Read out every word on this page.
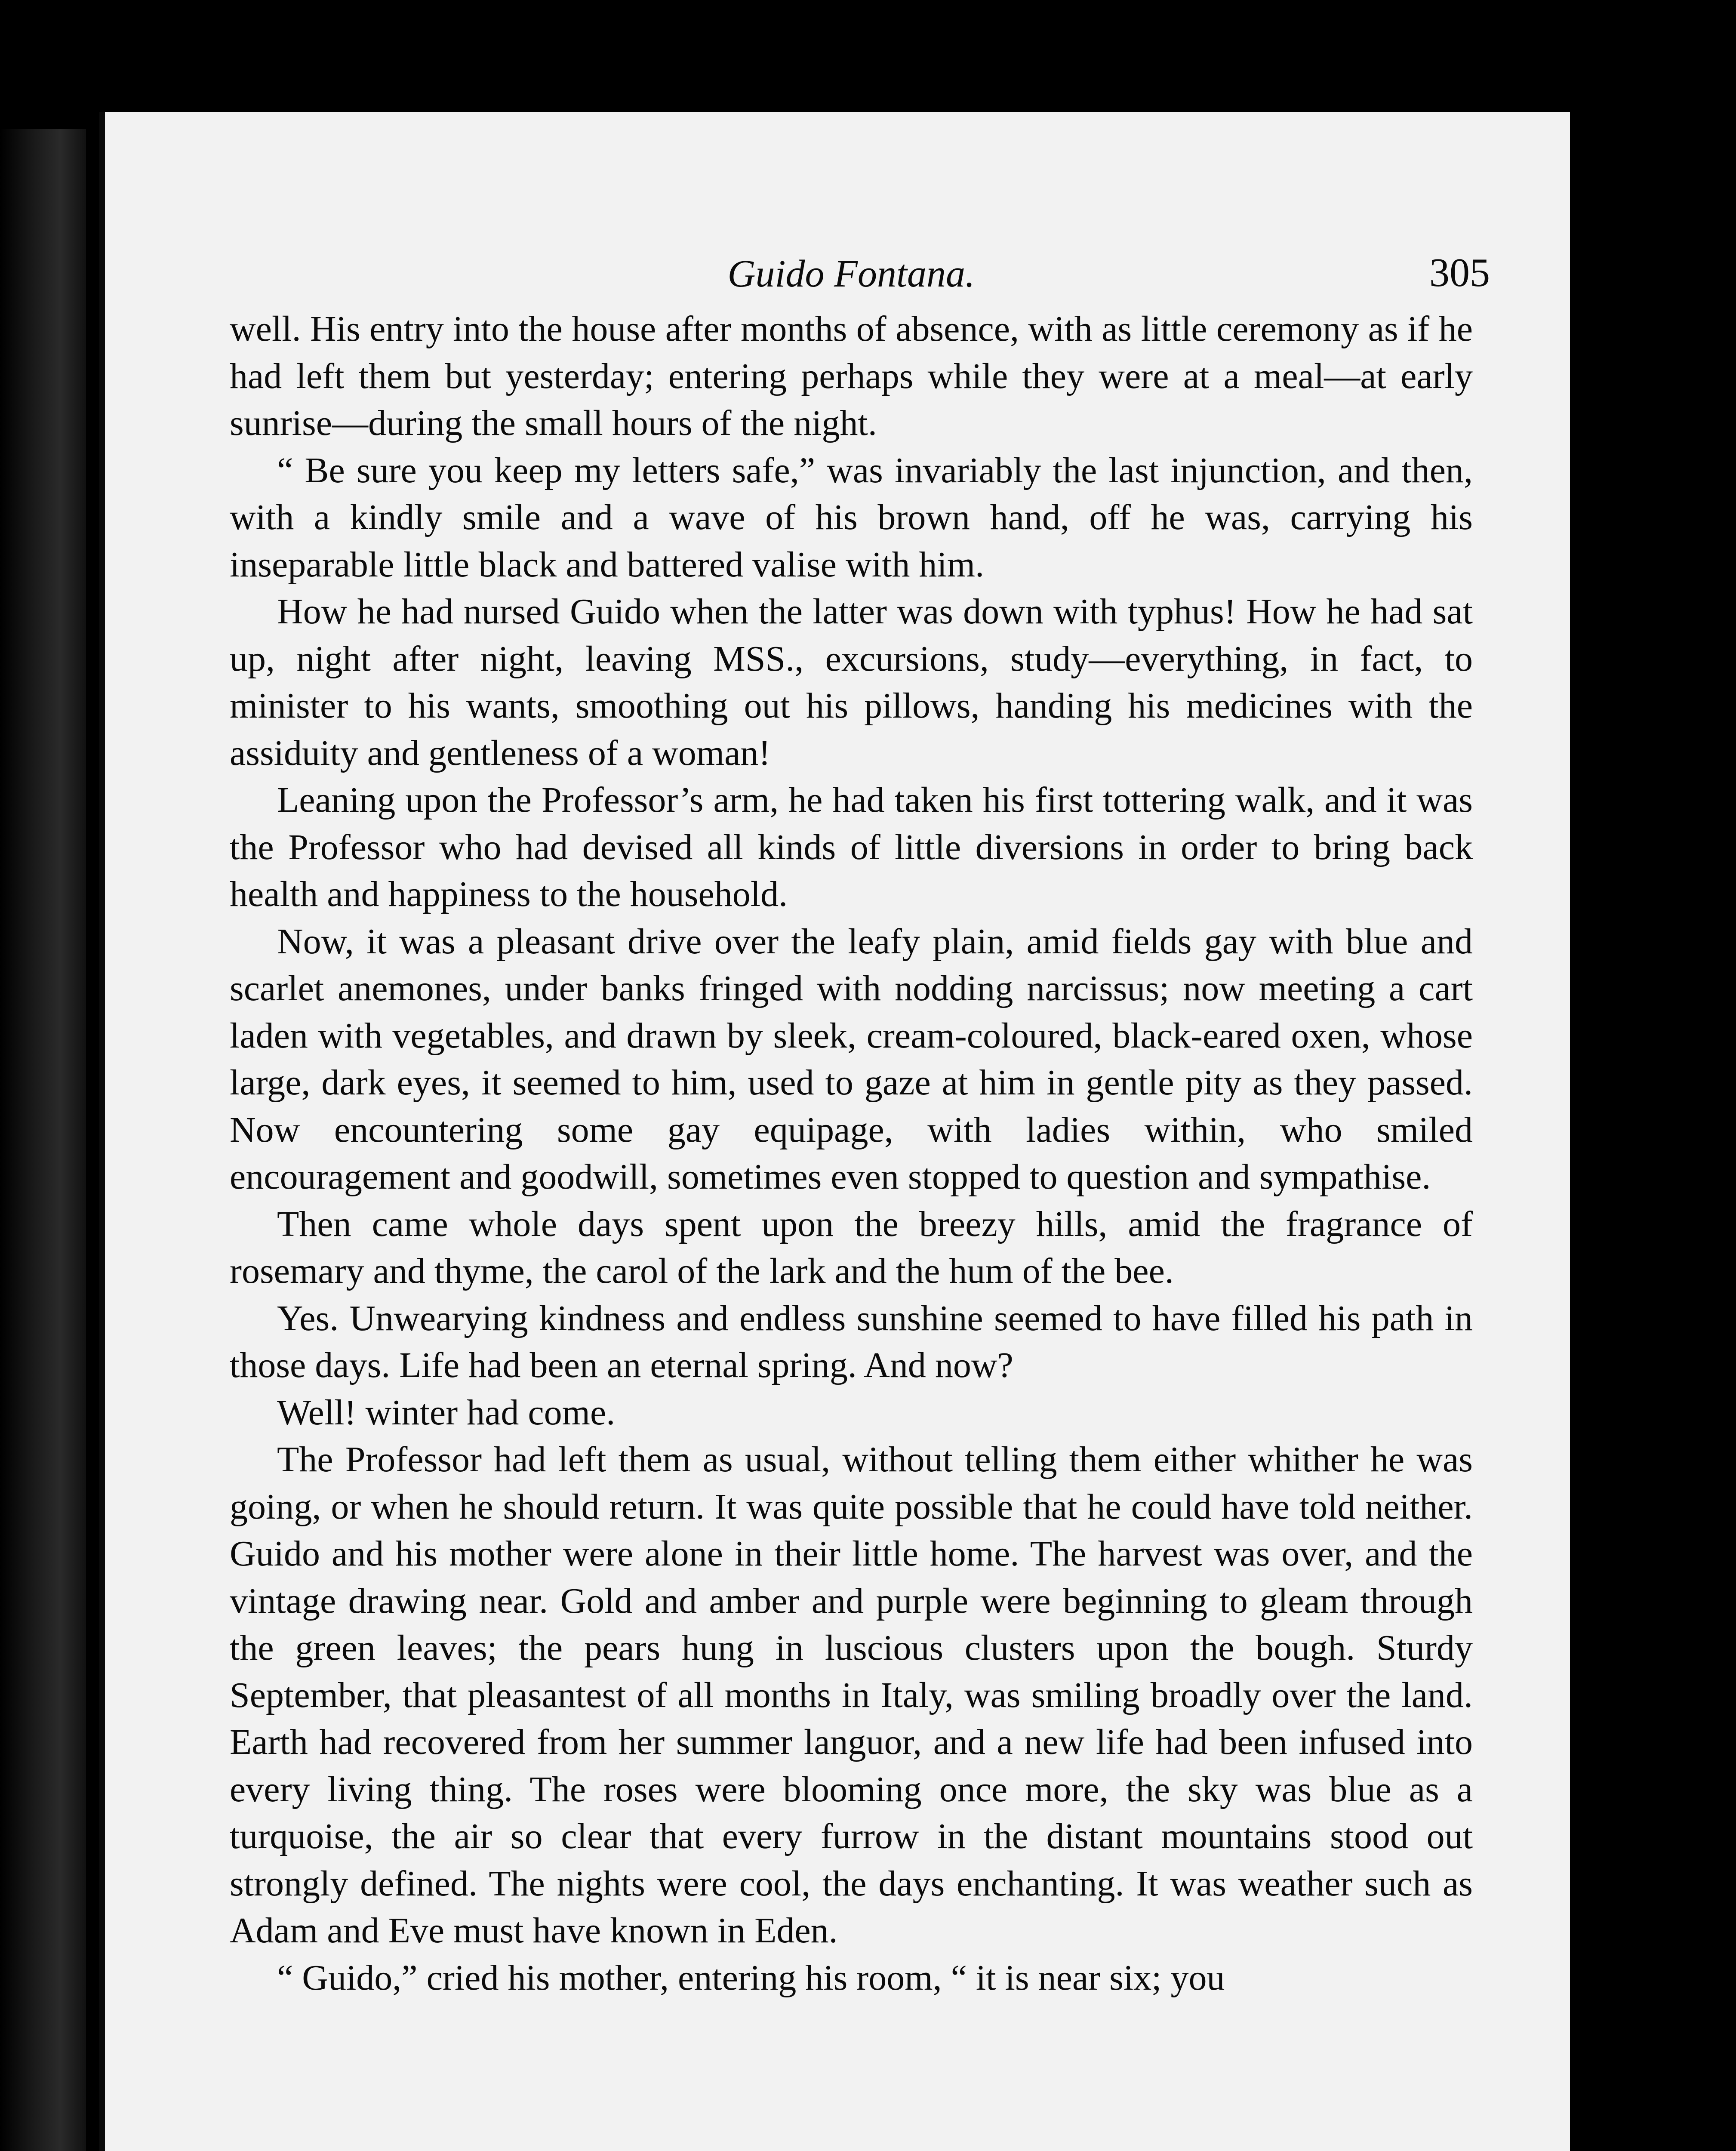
Guido Fontana.	305

well. His entry into the house after months of absence, with as little ceremony as if he had left them but yesterday; entering perhaps while they were at a meal—at early sunrise—during the small hours of the night.

“ Be sure you keep my letters safe,” was invariably the last injunction, and then, with a kindly smile and a wave of his brown hand, off he was, carrying his inseparable little black and battered valise with him.

How he had nursed Guido when the latter was down with typhus! How he had sat up, night after night, leaving MSS., excursions, study—everything, in fact, to minister to his wants, smoothing out his pillows, handing his medicines with the assiduity and gentleness of a woman!

Leaning upon the Professor’s arm, he had taken his first tottering walk, and it was the Professor who had devised all kinds of little diversions in order to bring back health and happiness to the household.

Now, it was a pleasant drive over the leafy plain, amid fields gay with blue and scarlet anemones, under banks fringed with nodding narcissus; now meeting a cart laden with vegetables, and drawn by sleek, cream-coloured, black-eared oxen, whose large, dark eyes, it seemed to him, used to gaze at him in gentle pity as they passed. Now encountering some gay equipage, with ladies within, who smiled encouragement and goodwill, sometimes even stopped to question and sympathise.

Then came whole days spent upon the breezy hills, amid the fragrance of rosemary and thyme, the carol of the lark and the hum of the bee.

Yes. Unwearying kindness and endless sunshine seemed to have filled his path in those days. Life had been an eternal spring. And now?

Well! winter had come.

The Professor had left them as usual, without telling them either whither he was going, or when he should return. It was quite possible that he could have told neither. Guido and his mother were alone in their little home. The harvest was over, and the vintage drawing near. Gold and amber and purple were beginning to gleam through the green leaves; the pears hung in luscious clusters upon the bough. Sturdy September, that pleasantest of all months in Italy, was smiling broadly over the land. Earth had recovered from her summer languor, and a new life had been infused into every living thing. The roses were blooming once more, the sky was blue as a turquoise, the air so clear that every furrow in the distant mountains stood out strongly defined. The nights were cool, the days enchanting. It was weather such as Adam and Eve must have known in Eden.

“ Guido,” cried his mother, entering his room, “ it is near six; you
